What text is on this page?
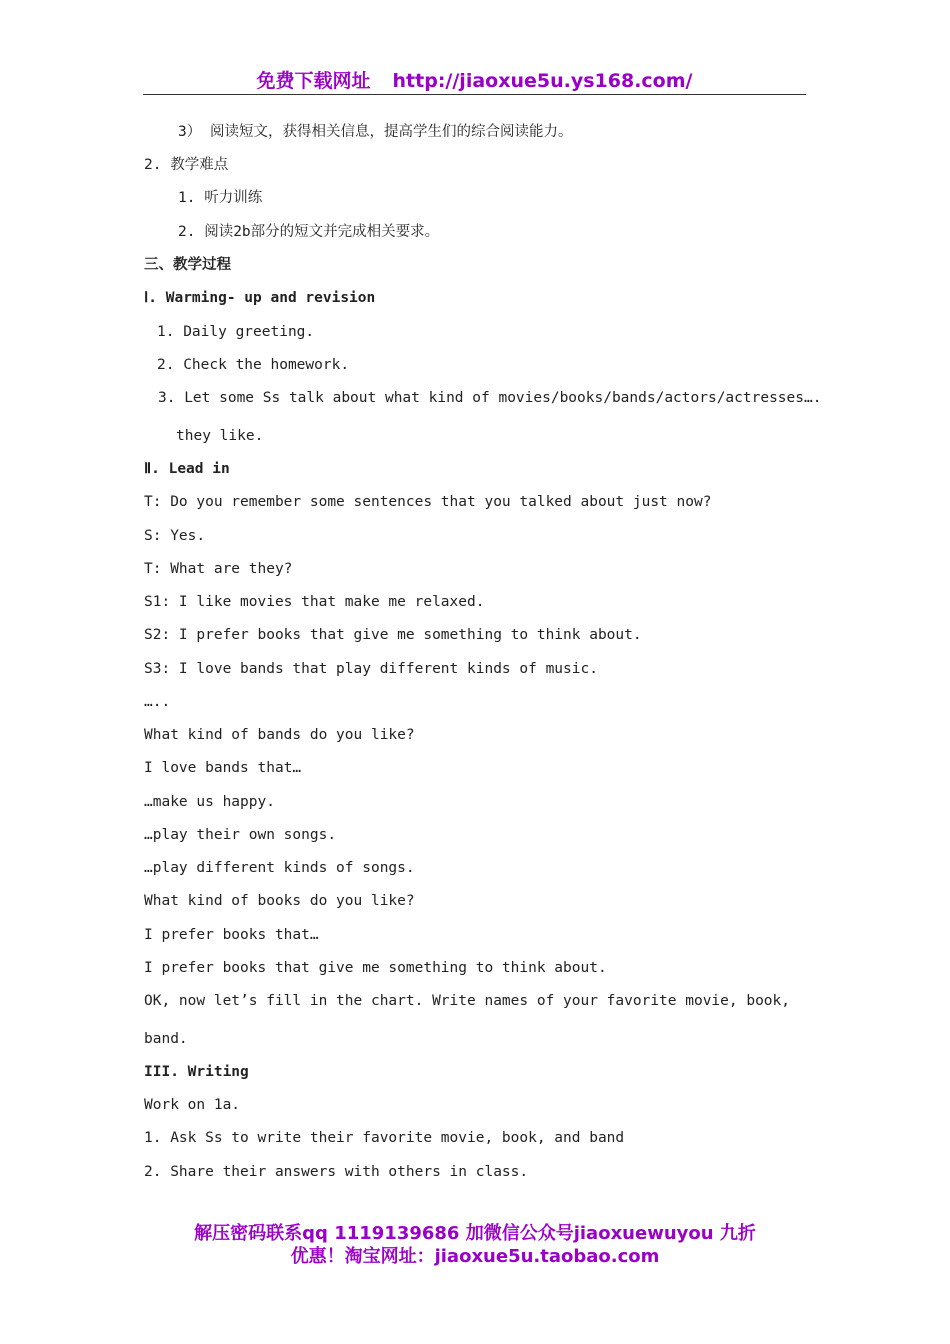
免费下载网址 http://jiaoxue5u.ys168.com/
3） 阅读短文，获得相关信息，提高学生们的综合阅读能力。
2. 教学难点
1. 听力训练
2. 阅读2b部分的短文并完成相关要求。
三、教学过程
Ⅰ. Warming- up and revision
1. Daily greeting.
2. Check the homework.
3. Let some Ss talk about what kind of movies/books/bands/actors/actresses….
they like.
Ⅱ. Lead in
T: Do you remember some sentences that you talked about just now?
S: Yes.
T: What are they?
S1: I like movies that make me relaxed.
S2: I prefer books that give me something to think about.
S3: I love bands that play different kinds of music.
…..
What kind of bands do you like?
I love bands that…
…make us happy.
…play their own songs.
…play different kinds of songs.
What kind of books do you like?
I prefer books that…
I prefer books that give me something to think about.
OK, now let’s fill in the chart. Write names of your favorite movie, book,
band.
III. Writing
Work on 1a.
1. Ask Ss to write their favorite movie, book, and band
2. Share their answers with others in class.
解压密码联系qq 1119139686 加微信公众号jiaoxuewuyou 九折
优惠！淘宝网址：jiaoxue5u.taobao.com
